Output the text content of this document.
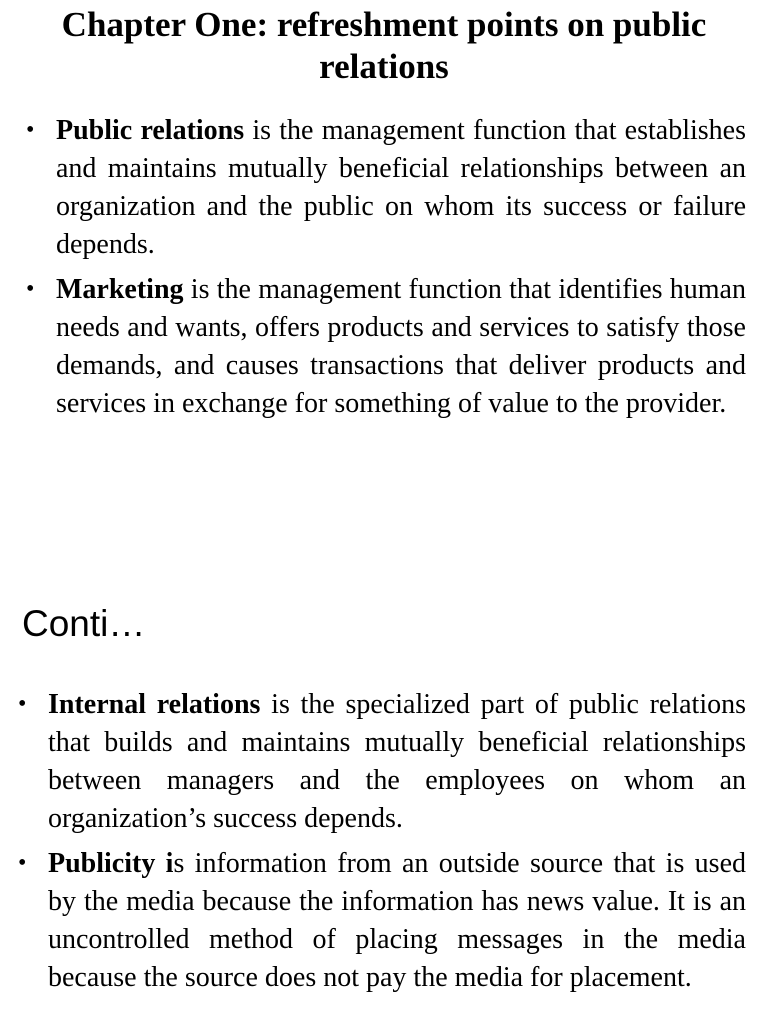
Chapter One: refreshment points on public relations
• Public relations is the management function that establishes and maintains mutually beneficial relationships between an organization and the public on whom its success or failure depends.
• Marketing is the management function that identifies human needs and wants, offers products and services to satisfy those demands, and causes transactions that deliver products and services in exchange for something of value to the provider.
Conti…
• Internal relations is the specialized part of public relations that builds and maintains mutually beneficial relationships between managers and the employees on whom an organization’s success depends.
• Publicity is information from an outside source that is used by the media because the information has news value. It is an uncontrolled method of placing messages in the media because the source does not pay the media for placement.
